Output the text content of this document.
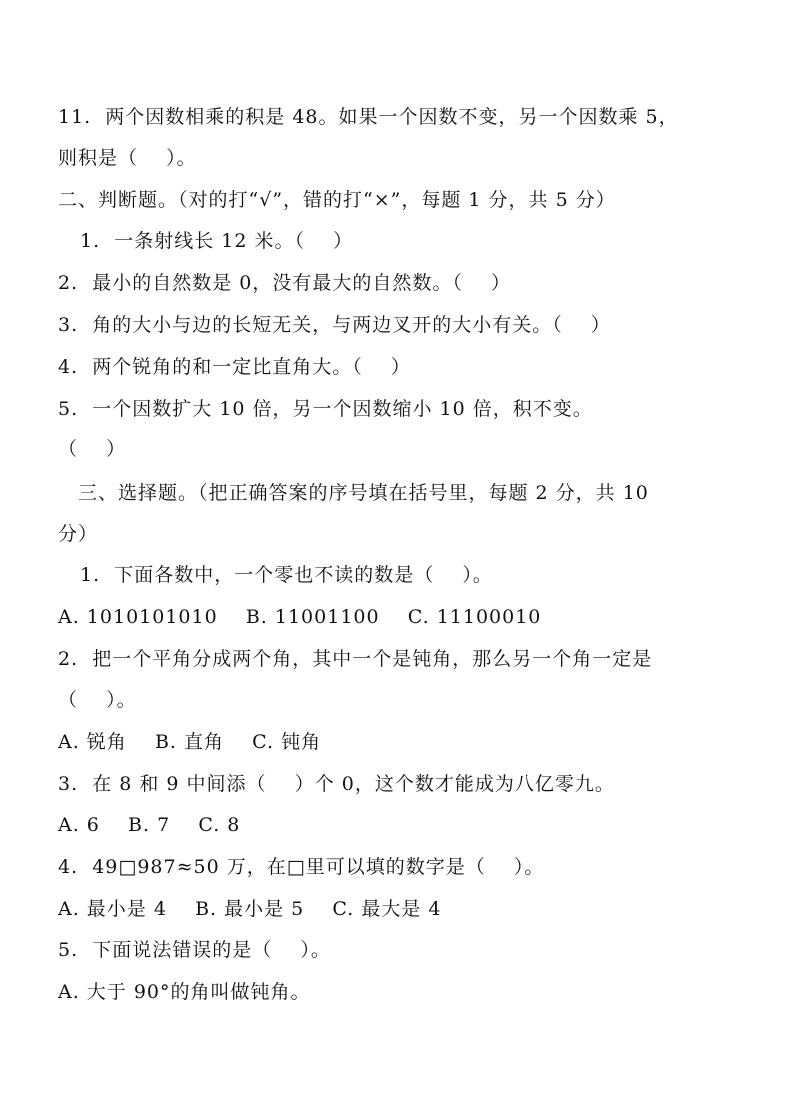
11.  两个因数相乘的积是 48。如果一个因数不变，另一个因数乘 5，
则积是（    ）。
二、判断题。（对的打“√”，错的打“×”，每题 1 分，共 5 分）
1.  一条射线长 12 米。（    ）
2.  最小的自然数是 0，没有最大的自然数。（    ）
3.  角的大小与边的长短无关，与两边叉开的大小有关。（    ）
4.  两个锐角的和一定比直角大。（    ）
5.  一个因数扩大 10 倍，另一个因数缩小 10 倍，积不变。
（    ）
三、选择题。（把正确答案的序号填在括号里，每题 2 分，共 10
分）
1.  下面各数中，一个零也不读的数是（    ）。
A. 1010101010    B. 11001100    C. 11100010
2.  把一个平角分成两个角，其中一个是钝角，那么另一个角一定是
（    ）。
A. 锐角    B. 直角    C. 钝角
3.  在 8 和 9 中间添（    ）个 0，这个数才能成为八亿零九。
A. 6    B. 7    C. 8
4.  49□987≈50 万，在□里可以填的数字是（    ）。
A. 最小是 4    B. 最小是 5    C. 最大是 4
5.  下面说法错误的是（    ）。
A. 大于 90°的角叫做钝角。
